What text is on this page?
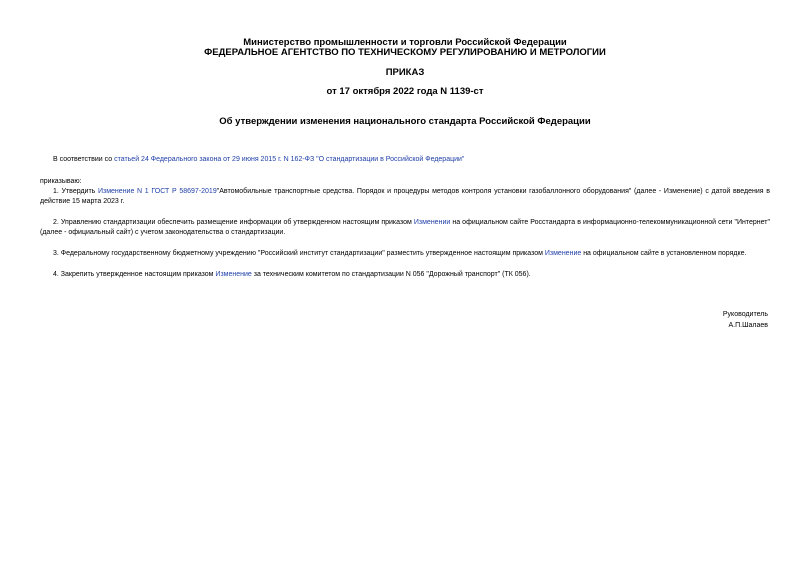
Министерство промышленности и торговли Российской Федерации
ФЕДЕРАЛЬНОЕ АГЕНТСТВО ПО ТЕХНИЧЕСКОМУ РЕГУЛИРОВАНИЮ И МЕТРОЛОГИИ
ПРИКАЗ
от 17 октября 2022 года N 1139-ст
Об утверждении изменения национального стандарта Российской Федерации
В соответствии со статьей 24 Федерального закона от 29 июня 2015 г. N 162-ФЗ "О стандартизации в Российской Федерации"
приказываю:
1. Утвердить Изменение N 1 ГОСТ Р 58697-2019"Автомобильные транспортные средства. Порядок и процедуры методов контроля установки газобаллонного оборудования" (далее - Изменение) с датой введения в действие 15 марта 2023 г.
2. Управлению стандартизации обеспечить размещение информации об утвержденном настоящим приказом Изменении на официальном сайте Росстандарта в информационно-телекоммуникационной сети "Интернет" (далее - официальный сайт) с учетом законодательства о стандартизации.
3. Федеральному государственному бюджетному учреждению "Российский институт стандартизации" разместить утвержденное настоящим приказом Изменение на официальном сайте в установленном порядке.
4. Закрепить утвержденное настоящим приказом Изменение за техническим комитетом по стандартизации N 056 "Дорожный транспорт" (ТК 056).
Руководитель
А.П.Шалаев
